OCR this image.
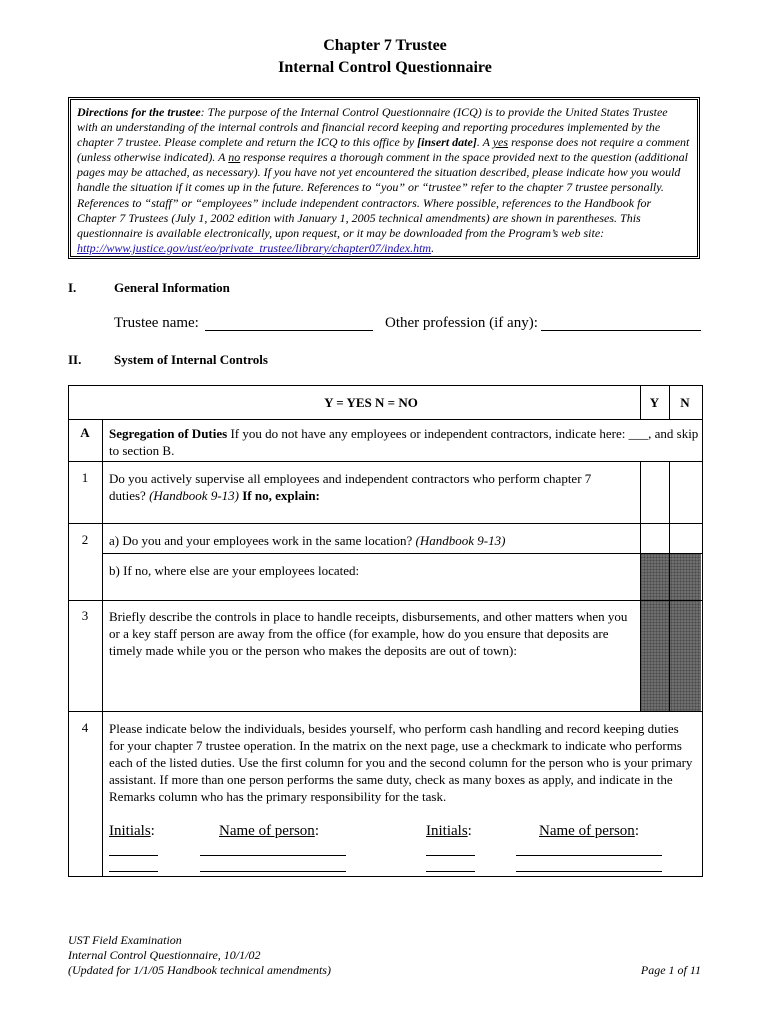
Chapter 7 Trustee
Internal Control Questionnaire
Directions for the trustee: The purpose of the Internal Control Questionnaire (ICQ) is to provide the United States Trustee with an understanding of the internal controls and financial record keeping and reporting procedures implemented by the chapter 7 trustee. Please complete and return the ICQ to this office by [insert date]. A yes response does not require a comment (unless otherwise indicated). A no response requires a thorough comment in the space provided next to the question (additional pages may be attached, as necessary). If you have not yet encountered the situation described, please indicate how you would handle the situation if it comes up in the future. References to “you” or “trustee” refer to the chapter 7 trustee personally. References to “staff” or “employees” include independent contractors. Where possible, references to the Handbook for Chapter 7 Trustees (July 1, 2002 edition with January 1, 2005 technical amendments) are shown in parentheses. This questionnaire is available electronically, upon request, or it may be downloaded from the Program’s web site: http://www.justice.gov/ust/eo/private_trustee/library/chapter07/index.htm.
I.	General Information
Trustee name:	Other profession (if any):
II.	System of Internal Controls
Y = YES N = NO	Y	N
A	Segregation of Duties If you do not have any employees or independent contractors, indicate here: ___, and skip to section B.
1	Do you actively supervise all employees and independent contractors who perform chapter 7 duties? (Handbook 9-13) If no, explain:
2	a) Do you and your employees work in the same location? (Handbook 9-13)
b) If no, where else are your employees located:
3	Briefly describe the controls in place to handle receipts, disbursements, and other matters when you or a key staff person are away from the office (for example, how do you ensure that deposits are timely made while you or the person who makes the deposits are out of town):
4	Please indicate below the individuals, besides yourself, who perform cash handling and record keeping duties for your chapter 7 trustee operation. In the matrix on the next page, use a checkmark to indicate who performs each of the listed duties. Use the first column for you and the second column for the person who is your primary assistant. If more than one person performs the same duty, check as many boxes as apply, and indicate in the Remarks column who has the primary responsibility for the task.
Initials:	Name of person:	Initials:	Name of person:
UST Field Examination
Internal Control Questionnaire, 10/1/02
(Updated for 1/1/05 Handbook technical amendments)	Page 1 of 11
